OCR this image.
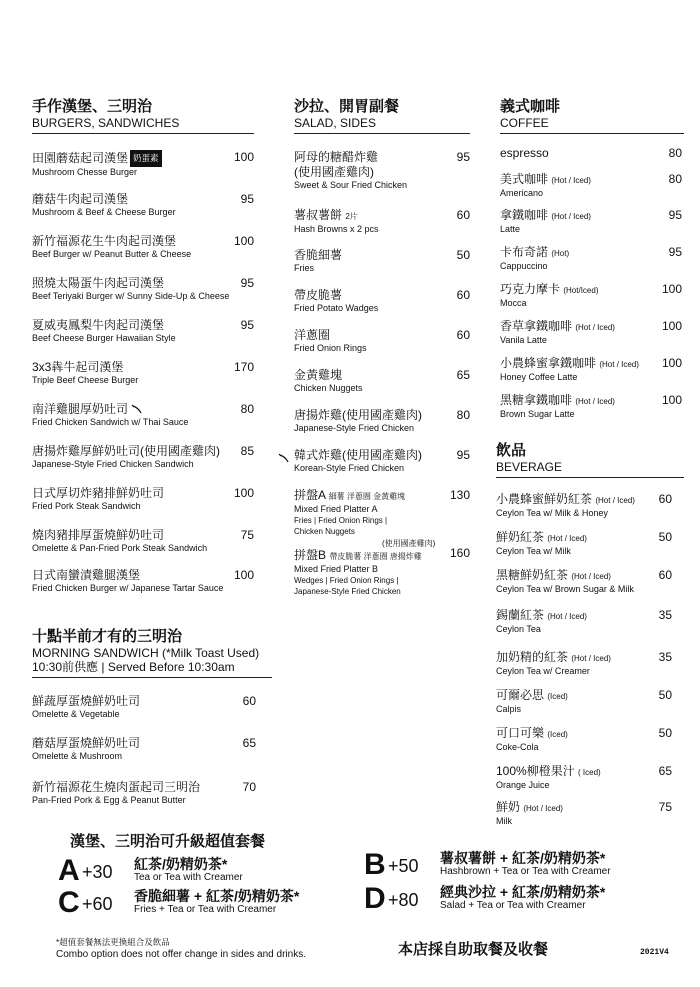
手作漢堡、三明治
BURGERS, SANDWICHES
田園蘑菇起司漢堡 奶蛋素
Mushroom Chesse Burger
100
蘑菇牛肉起司漢堡
Mushroom & Beef & Cheese Burger
95
新竹福源花生牛肉起司漢堡
Beef Burger w/ Peanut Butter & Cheese
100
照燒太陽蛋牛肉起司漢堡
Beef Teriyaki Burger w/ Sunny Side-Up & Cheese
95
夏威夷鳳梨牛肉起司漢堡
Beef Cheese Burger Hawaiian Style
95
3x3犇牛起司漢堡
Triple Beef Cheese Burger
170
南洋雞腿厚奶吐司
Fried Chicken Sandwich w/ Thai Sauce
80
唐揚炸雞厚鮮奶吐司(使用國產雞肉)
Japanese-Style Fried Chicken Sandwich
85
日式厚切炸豬排鮮奶吐司
Fried Pork Steak Sandwich
100
燒肉豬排厚蛋燒鮮奶吐司
Omelette & Pan-Fried Pork Steak Sandwich
75
日式南蠻漬雞腿漢堡
Fried Chicken Burger w/ Japanese Tartar Sauce
100
十點半前才有的三明治
MORNING SANDWICH (*Milk Toast Used)
10:30前供應 | Served Before 10:30am
鮮蔬厚蛋燒鮮奶吐司
Omelette & Vegetable
60
蘑菇厚蛋燒鮮奶吐司
Omelette & Mushroom
65
新竹福源花生燒肉蛋起司三明治
Pan-Fried Pork & Egg & Peanut Butter
70
沙拉、開胃副餐
SALAD, SIDES
阿母的糖醋炸雞
(使用國產雞肉)
Sweet & Sour Fried Chicken
95
薯叔薯餅 2片
Hash Browns x 2 pcs
60
香脆細薯
Fries
50
帶皮脆薯
Fried Potato Wadges
60
洋蔥圈
Fried Onion Rings
60
金黃雞塊
Chicken Nuggets
65
唐揚炸雞(使用國產雞肉)
Japanese-Style Fried Chicken
80
韓式炸雞(使用國產雞肉)
Korean-Style Fried Chicken
95
拼盤A 細薯 洋蔥圈 金黃雞塊
Mixed Fried Platter A
Fries | Fried Onion Rings |
Chicken Nuggets
130
(使用國產雞肉)
拼盤B 帶皮脆薯 洋蔥圈 唐揚炸雞
Mixed Fried Platter B
Wedges | Fried Onion Rings |
Japanese-Style Fried Chicken
160
義式咖啡
COFFEE
espresso	80
美式咖啡 (Hot / Iced)
Americano
80
拿鐵咖啡 (Hot / Iced)
Latte
95
卡布奇諾 (Hot)
Cappuccino
95
巧克力摩卡 (Hot/Iced)
Mocca
100
香草拿鐵咖啡 (Hot / Iced)
Vanila Latte
100
小農蜂蜜拿鐵咖啡 (Hot / Iced)
Honey Coffee Latte
100
黑糖拿鐵咖啡 (Hot / Iced)
Brown Sugar Latte
100
飲品
BEVERAGE
小農蜂蜜鮮奶紅茶 (Hot / Iced)
Ceylon Tea w/ Milk & Honey
60
鮮奶紅茶 (Hot / Iced)
Ceylon Tea w/ Milk
50
黑糖鮮奶紅茶 (Hot / Iced)
Ceylon Tea w/ Brown Sugar & Milk
60
錫蘭紅茶 (Hot / Iced)
Ceylon Tea
35
加奶精的紅茶 (Hot / Iced)
Ceylon Tea w/ Creamer
35
可爾必思 (Iced)
Calpis
50
可口可樂 (Iced)
Coke-Cola
50
100%柳橙果汁 ( Iced)
Orange Juice
65
鮮奶 (Hot / Iced)
Milk
75
漢堡、三明治可升級超值套餐
A +30 紅茶/奶精奶茶*
Tea or Tea with Creamer
C +60 香脆細薯 + 紅茶/奶精奶茶*
Fries + Tea or Tea with Creamer
B +50 薯叔薯餅 + 紅茶/奶精奶茶*
Hashbrown + Tea or Tea with Creamer
D +80 經典沙拉 + 紅茶/奶精奶茶*
Salad + Tea or Tea with Creamer
*超值套餐無法更換組合及飲品
Combo option does not offer change in sides and drinks.	本店採自助取餐及收餐	2021V4
